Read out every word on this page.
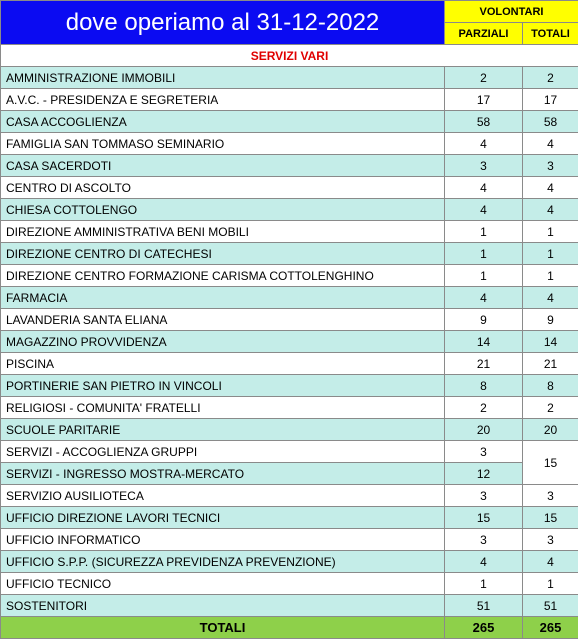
dove operiamo al 31-12-2022	VOLONTARI	
	PARZIALI	TOTALI
SERVIZI VARI		
AMMINISTRAZIONE IMMOBILI	2	2
A.V.C. - PRESIDENZA E SEGRETERIA	17	17
CASA ACCOGLIENZA	58	58
FAMIGLIA SAN TOMMASO SEMINARIO	4	4
CASA SACERDOTI	3	3
CENTRO DI ASCOLTO	4	4
CHIESA COTTOLENGO	4	4
DIREZIONE AMMINISTRATIVA BENI MOBILI	1	1
DIREZIONE CENTRO DI CATECHESI	1	1
DIREZIONE CENTRO FORMAZIONE CARISMA COTTOLENGHINO	1	1
FARMACIA	4	4
LAVANDERIA SANTA ELIANA	9	9
MAGAZZINO PROVVIDENZA	14	14
PISCINA	21	21
PORTINERIE SAN PIETRO IN VINCOLI	8	8
RELIGIOSI - COMUNITA' FRATELLI	2	2
SCUOLE PARITARIE	20	20
SERVIZI - ACCOGLIENZA GRUPPI	3	15
SERVIZI - INGRESSO MOSTRA-MERCATO	12	
SERVIZIO AUSILIOTECA	3	3
UFFICIO DIREZIONE LAVORI TECNICI	15	15
UFFICIO INFORMATICO	3	3
UFFICIO S.P.P. (SICUREZZA PREVIDENZA PREVENZIONE)	4	4
UFFICIO TECNICO	1	1
SOSTENITORI	51	51
TOTALI	265	265
